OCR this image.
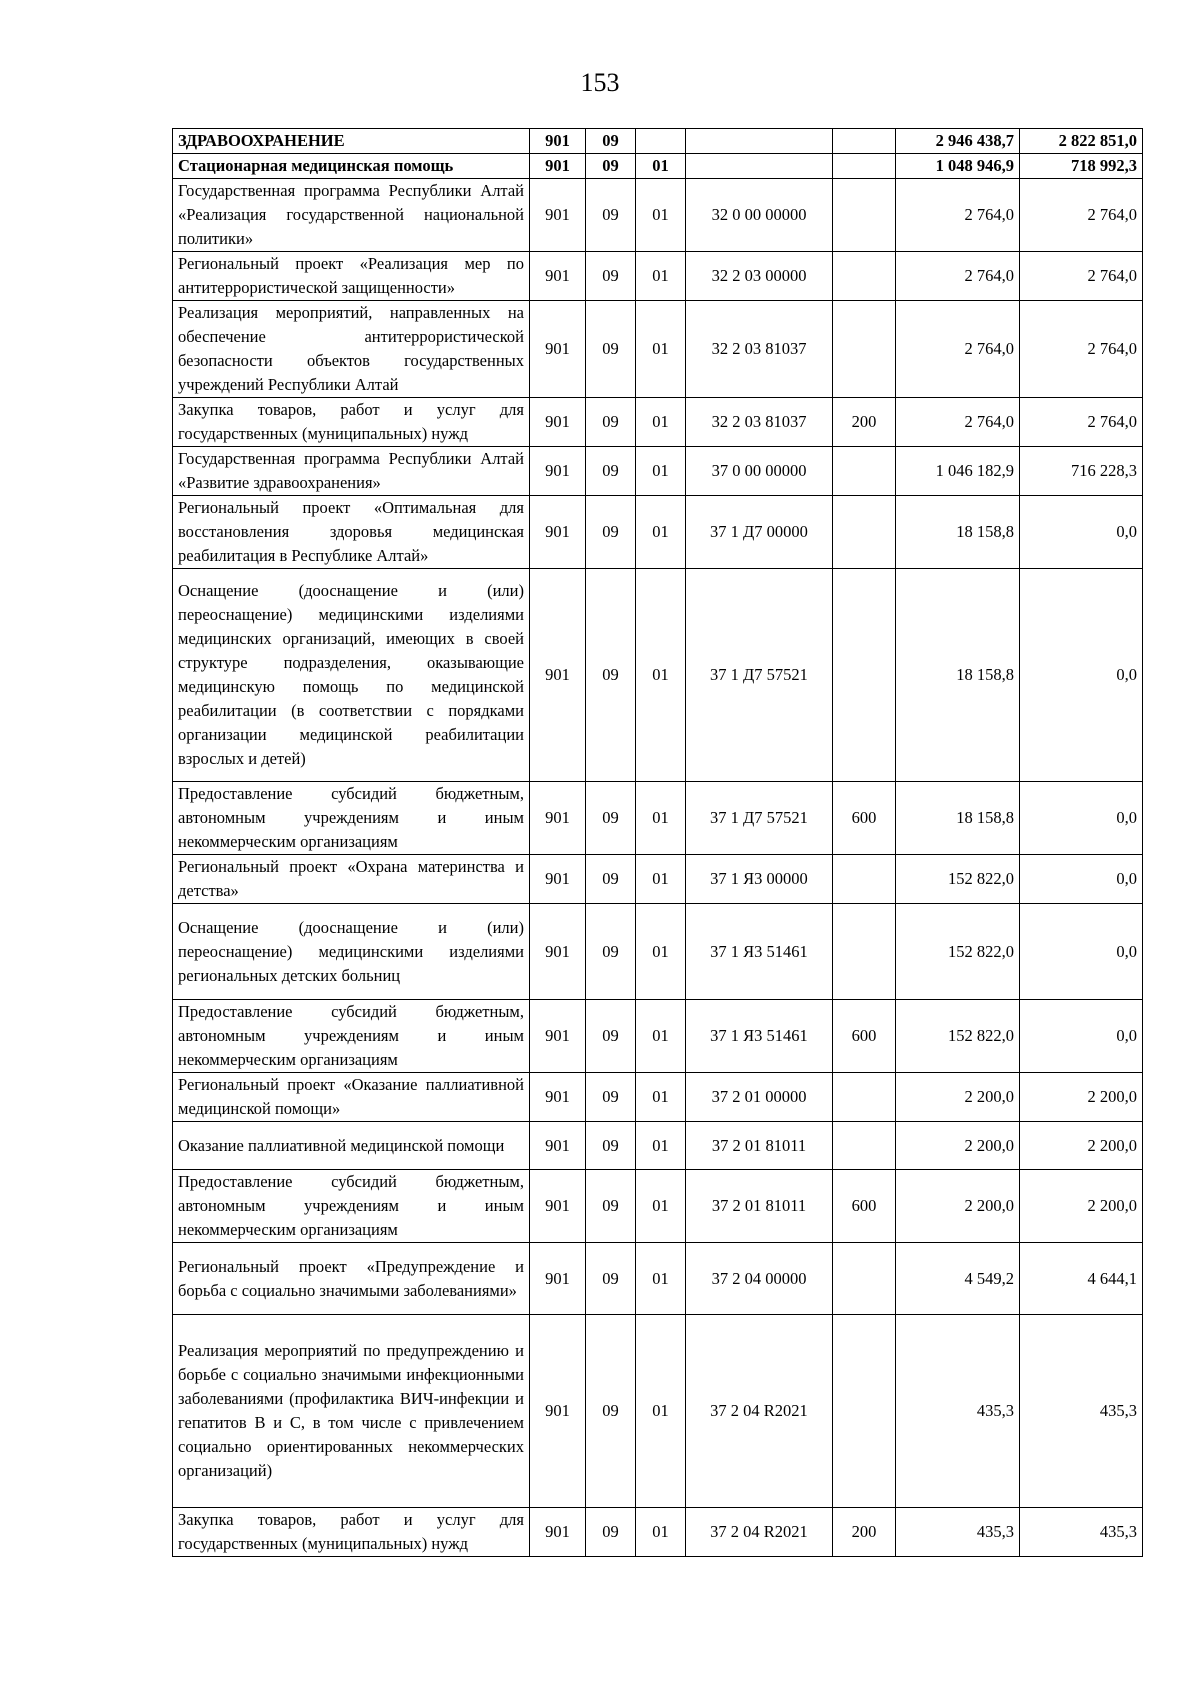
153
ЗДРАВООХРАНЕНИЕ	901	09				2 946 438,7	2 822 851,0
Стационарная медицинская помощь	901	09	01			1 048 946,9	718 992,3
Государственная программа Республики Алтай «Реализация государственной национальной политики»	901	09	01	32 0 00 00000		2 764,0	2 764,0
Региональный проект «Реализация мер по антитеррористической защищенности»	901	09	01	32 2 03 00000		2 764,0	2 764,0
Реализация мероприятий, направленных на обеспечение антитеррористической безопасности объектов государственных учреждений Республики Алтай	901	09	01	32 2 03 81037		2 764,0	2 764,0
Закупка товаров, работ и услуг для государственных (муниципальных) нужд	901	09	01	32 2 03 81037	200	2 764,0	2 764,0
Государственная программа Республики Алтай «Развитие здравоохранения»	901	09	01	37 0 00 00000		1 046 182,9	716 228,3
Региональный проект «Оптимальная для восстановления здоровья медицинская реабилитация в Республике Алтай»	901	09	01	37 1 Д7 00000		18 158,8	0,0
Оснащение (дооснащение и (или) переоснащение) медицинскими изделиями медицинских организаций, имеющих в своей структуре подразделения, оказывающие медицинскую помощь по медицинской реабилитации (в соответствии с порядками организации медицинской реабилитации взрослых и детей)	901	09	01	37 1 Д7 57521		18 158,8	0,0
Предоставление субсидий бюджетным, автономным учреждениям и иным некоммерческим организациям	901	09	01	37 1 Д7 57521	600	18 158,8	0,0
Региональный проект «Охрана материнства и детства»	901	09	01	37 1 Я3 00000		152 822,0	0,0
Оснащение (дооснащение и (или) переоснащение) медицинскими изделиями региональных детских больниц	901	09	01	37 1 Я3 51461		152 822,0	0,0
Предоставление субсидий бюджетным, автономным учреждениям и иным некоммерческим организациям	901	09	01	37 1 Я3 51461	600	152 822,0	0,0
Региональный проект «Оказание паллиативной медицинской помощи»	901	09	01	37 2 01 00000		2 200,0	2 200,0
Оказание паллиативной медицинской помощи	901	09	01	37 2 01 81011		2 200,0	2 200,0
Предоставление субсидий бюджетным, автономным учреждениям и иным некоммерческим организациям	901	09	01	37 2 01 81011	600	2 200,0	2 200,0
Региональный проект «Предупреждение и борьба с социально значимыми заболеваниями»	901	09	01	37 2 04 00000		4 549,2	4 644,1
Реализация мероприятий по предупреждению и борьбе с социально значимыми инфекционными заболеваниями (профилактика ВИЧ-инфекции и гепатитов В и С, в том числе с привлечением социально ориентированных некоммерческих организаций)	901	09	01	37 2 04 R2021		435,3	435,3
Закупка товаров, работ и услуг для государственных (муниципальных) нужд	901	09	01	37 2 04 R2021	200	435,3	435,3
